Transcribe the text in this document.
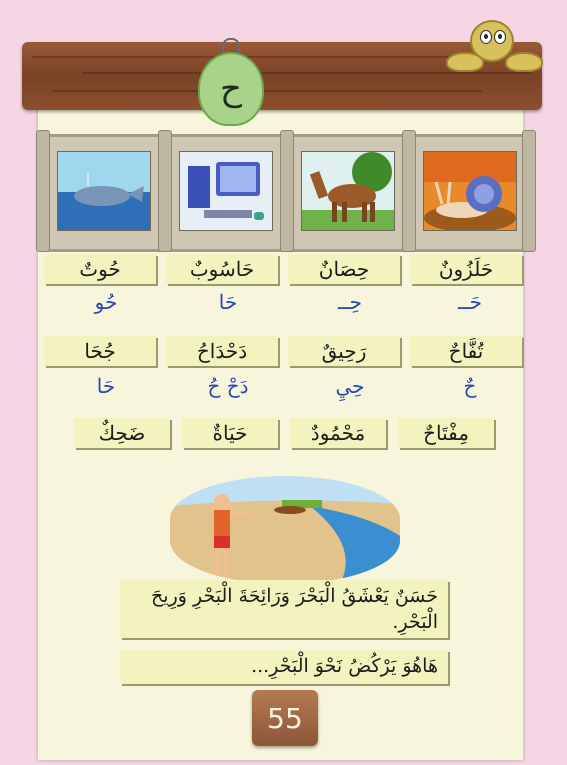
ح
حَلَزُونٌ
حِصَانٌ
حَاسُوبٌ
حُوتٌ
حَــ
حِــ
حَا
حُو
تُفَّاحٌ
رَحِيقٌ
دَحْدَاحُ
جُحَا
حٌ
حِيِ
دَحْ حُ
حَا
مِفْتَاحٌ
مَحْمُودٌ
حَيَاةٌ
ضَحِكٌ
حَسَنٌ يَعْشَقُ الْبَحْرَ وَرَائِحَةَ الْبَحْرِ وَرِيحَ الْبَحْرِ.
هَاهُوَ يَرْكُضُ نَحْوَ الْبَحْرِ...
55
